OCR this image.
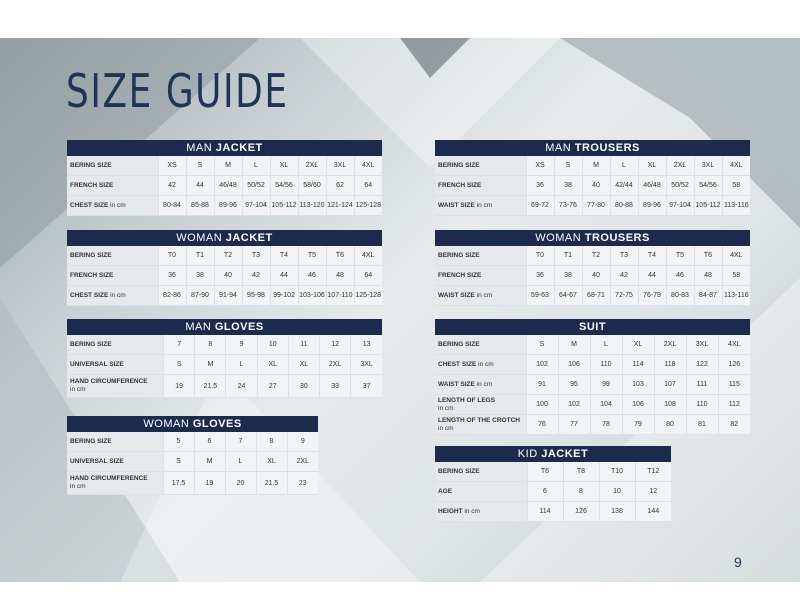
SIZE GUIDE
MAN JACKET								
BERING SIZE	XS	S	M	L	XL	2XL	3XL	4XL
FRENCH SIZE	42	44	46/48	50/52	54/56	58/60	62	64
CHEST SIZE in cm	80-84	85-88	89-96	97-104	105-112	113-120	121-124	125-128
WOMAN JACKET								
BERING SIZE	T0	T1	T2	T3	T4	T5	T6	4XL
FRENCH SIZE	36	38	40	42	44	46	48	64
CHEST SIZE in cm	82-86	87-90	91-94	95-98	99-102	103-106	107-110	125-128
MAN GLOVES							
BERING SIZE	7	8	9	10	11	12	13
UNIVERSAL SIZE	S	M	L	XL	XL	2XL	3XL
HAND CIRCUMFERENCE
in cm	19	21.5	24	27	30	33	37
WOMAN GLOVES					
BERING SIZE	5	6	7	8	9
UNIVERSAL SIZE	S	M	L	XL	2XL
HAND CIRCUMFERENCE
in cm	17.5	19	20	21.5	23
MAN TROUSERS								
BERING SIZE	XS	S	M	L	XL	2XL	3XL	4XL
FRENCH SIZE	36	38	40	42/44	46/48	50/52	54/56	58
WAIST SIZE in cm	69-72	73-76	77-80	80-88	89-96	97-104	105-112	113-116
WOMAN TROUSERS								
BERING SIZE	T0	T1	T2	T3	T4	T5	T6	4XL
FRENCH SIZE	36	38	40	42	44	46	48	58
WAIST SIZE in cm	59-63	64-67	68-71	72-75	76-79	80-83	84-87	113-116
SUIT							
BERING SIZE	S	M	L	XL	2XL	3XL	4XL
CHEST SIZE in cm	102	106	110	114	118	122	126
WAIST SIZE in cm	91	95	99	103	107	111	115
LENGTH OF LEGS
in cm	100	102	104	106	108	110	112
LENGTH OF THE CROTCH
in cm	76	77	78	79	80	81	82
KID JACKET				
BERING SIZE	T6	T8	T10	T12
AGE	6	8	10	12
HEIGHT in cm	114	126	138	144
9
